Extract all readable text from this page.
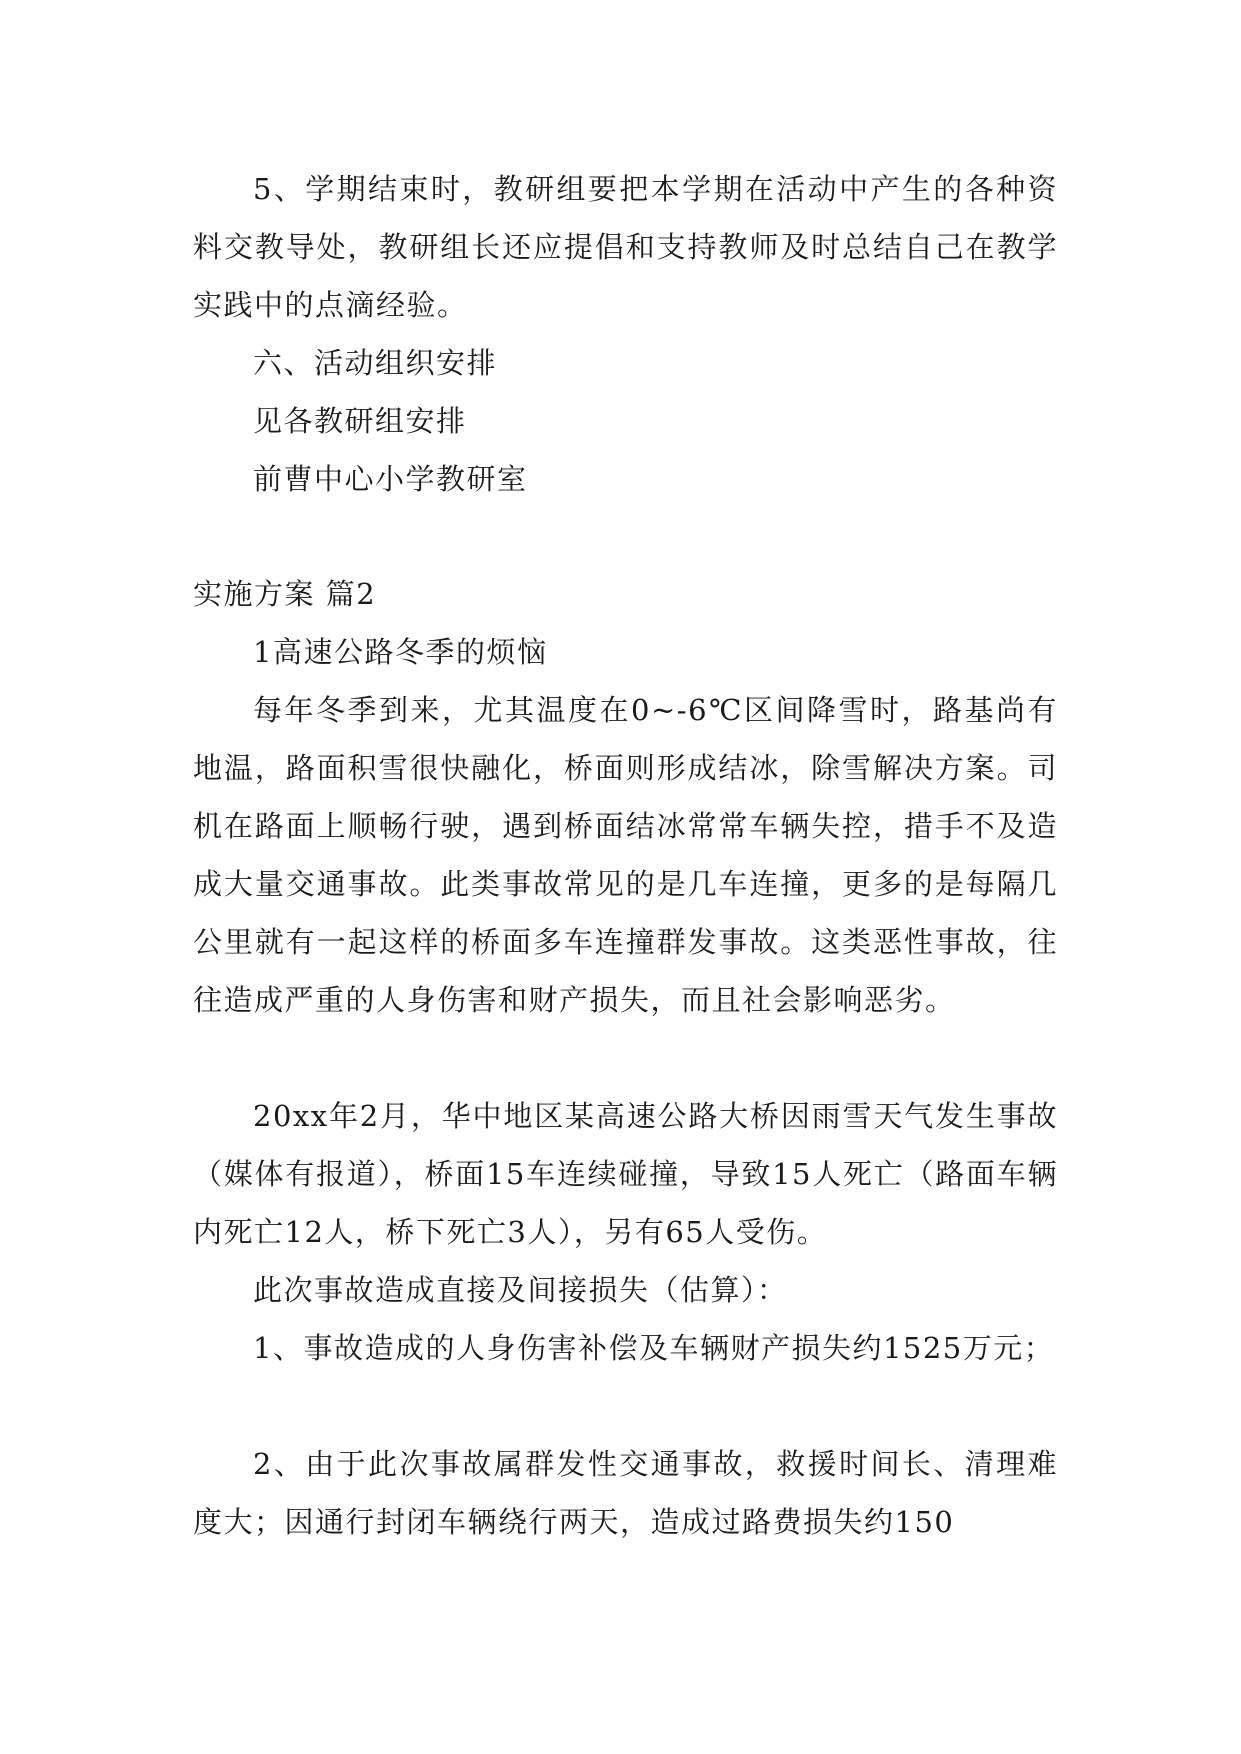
5、学期结束时，教研组要把本学期在活动中产生的各种资料交教导处，教研组长还应提倡和支持教师及时总结自己在教学实践中的点滴经验。
六、活动组织安排
见各教研组安排
前曹中心小学教研室
实施方案 篇2
1高速公路冬季的烦恼
每年冬季到来，尤其温度在0~-6℃区间降雪时，路基尚有地温，路面积雪很快融化，桥面则形成结冰，除雪解决方案。司机在路面上顺畅行驶，遇到桥面结冰常常车辆失控，措手不及造成大量交通事故。此类事故常见的是几车连撞，更多的是每隔几公里就有一起这样的桥面多车连撞群发事故。这类恶性事故，往往造成严重的人身伤害和财产损失，而且社会影响恶劣。
20xx年2月，华中地区某高速公路大桥因雨雪天气发生事故（媒体有报道），桥面15车连续碰撞，导致15人死亡（路面车辆内死亡12人，桥下死亡3人），另有65人受伤。
此次事故造成直接及间接损失（估算）：
1、事故造成的人身伤害补偿及车辆财产损失约1525万元；
2、由于此次事故属群发性交通事故，救援时间长、清理难度大；因通行封闭车辆绕行两天，造成过路费损失约150
